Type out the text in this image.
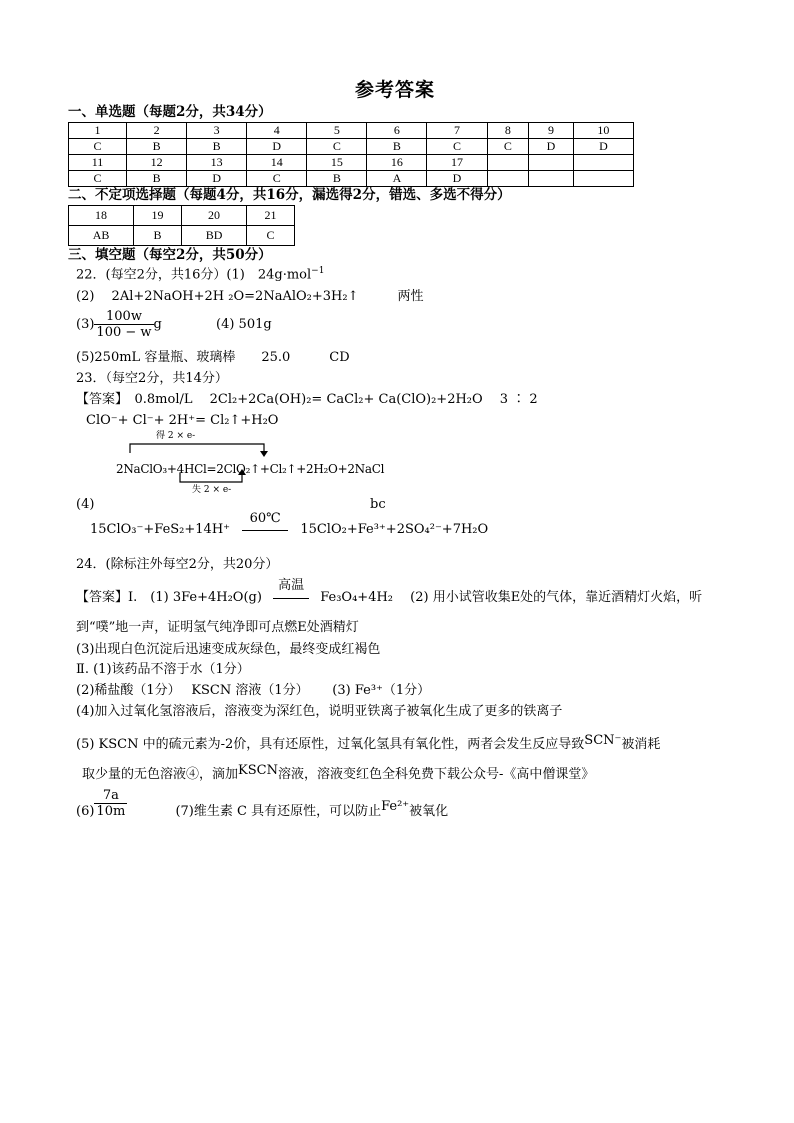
参考答案
一、单选题（每题2分，共34分）
1	2	3	4	5	6	7	8	9	10
C	B	B	D	C	B	C	C	D	D
11	12	13	14	15	16	17			
C	B	D	C	B	A	D			
二、不定项选择题（每题4分，共16分，漏选得2分，错选、多选不得分）
18	19	20	21
AB	B	BD	C
三、填空题（每空2分，共50分）
22．(每空2分，共16分）(1)　24g·mol$^{-1}$
(2)　 2Al+2NaOH+2H ₂O=2NaAlO₂+3H₂↑　　　两性
$(3) \frac{100w}{100 - w}$ g	(4) 501g
(5)250mL 容量瓶、玻璃棒　　25.0　　　CD
23．（每空2分，共14分）
【答案】　0.8mol/L　 2Cl₂+2Ca(OH)₂= CaCl₂+ Ca(ClO)₂+2H₂O　 3 ∶ 2
ClO⁻+ Cl⁻+ 2H⁺= Cl₂↑+H₂O
得 2 × e-
2NaClO₃+4HCl=2ClO₂↑+Cl₂↑+2H₂O+2NaCl
失 2 × e-
(4)	bc
15ClO₃⁻+FeS₂+14H⁺
60℃
15ClO₂+Fe³⁺+2SO₄²⁻+7H₂O
24．(除标注外每空2分，共20分）
【答案】Ⅰ.　(1) 3Fe+4H₂O(g)
高温
Fe₃O₄+4H₂　 (2) 用小试管收集E处的气体，靠近酒精灯火焰，听
到“噗”地一声，证明氢气纯净即可点燃E处酒精灯
(3)出现白色沉淀后迅速变成灰绿色，最终变成红褐色
Ⅱ. (1)该药品不溶于水（1分）
(2)稀盐酸（1分）　 KSCN 溶液（1分）　　 (3) Fe³⁺（1分）
(4)加入过氧化氢溶液后，溶液变为深红色，说明亚铁离子被氧化生成了更多的铁离子
(5) KSCN 中的硫元素为-2价，具有还原性，过氧化氢具有氧化性，两者会发生反应导致SCN⁻被消耗
取少量的无色溶液④，滴加KSCN溶液，溶液变红色全科免费下载公众号-《高中僧课堂》
$(6) \frac{7a}{10m}$	(7)维生素 C 具有还原性，可以防止Fe²⁺被氧化
